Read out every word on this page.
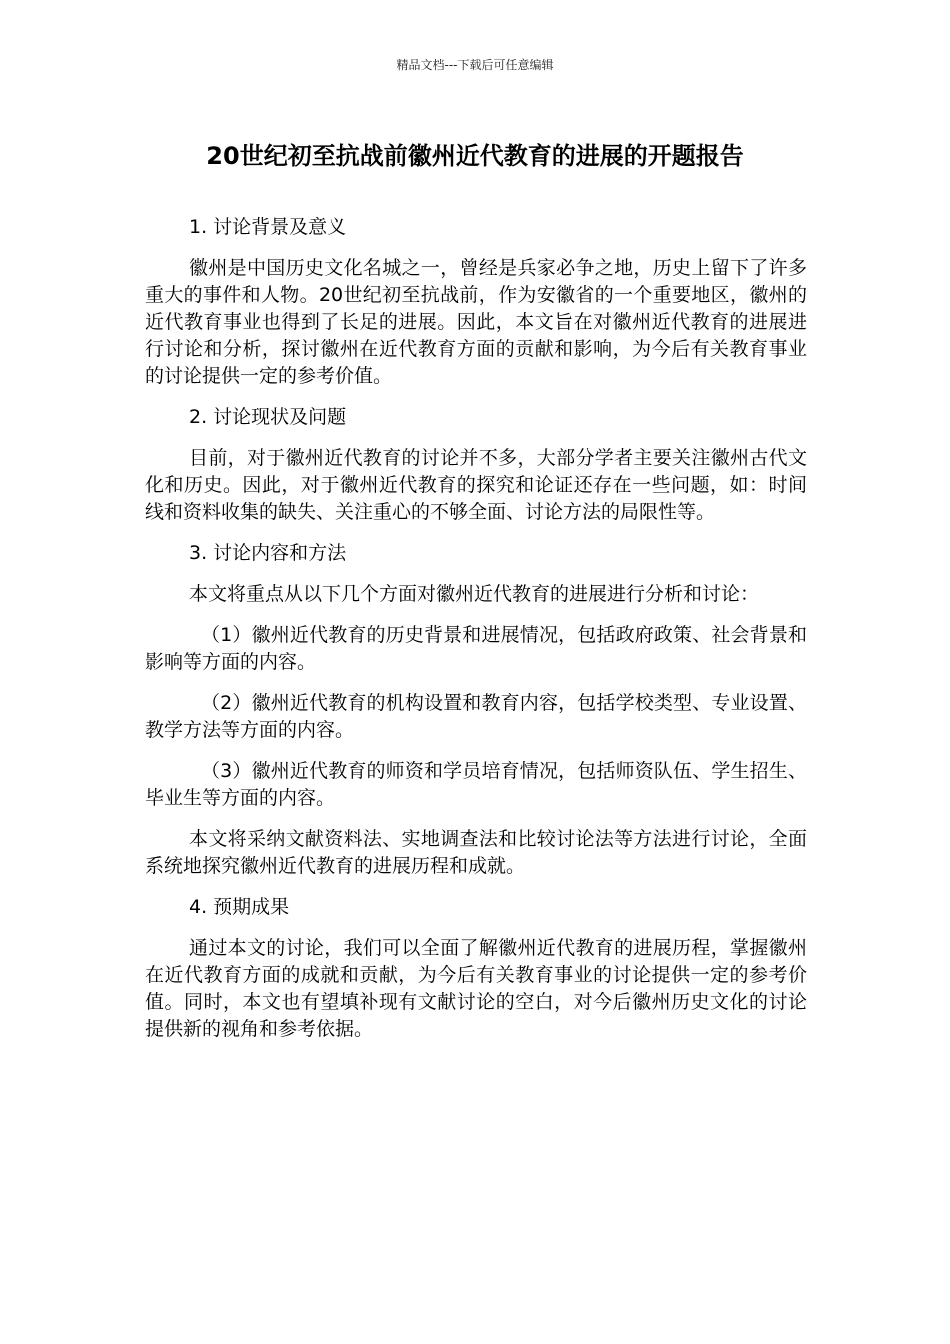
精品文档---下载后可任意编辑
20世纪初至抗战前徽州近代教育的进展的开题报告
1. 讨论背景及意义

徽州是中国历史文化名城之一，曾经是兵家必争之地，历史上留下了许多重大的事件和人物。20世纪初至抗战前，作为安徽省的一个重要地区，徽州的近代教育事业也得到了长足的进展。因此，本文旨在对徽州近代教育的进展进行讨论和分析，探讨徽州在近代教育方面的贡献和影响，为今后有关教育事业的讨论提供一定的参考价值。

2. 讨论现状及问题

目前，对于徽州近代教育的讨论并不多，大部分学者主要关注徽州古代文化和历史。因此，对于徽州近代教育的探究和论证还存在一些问题，如：时间线和资料收集的缺失、关注重心的不够全面、讨论方法的局限性等。

3. 讨论内容和方法

本文将重点从以下几个方面对徽州近代教育的进展进行分析和讨论：

（1）徽州近代教育的历史背景和进展情况，包括政府政策、社会背景和影响等方面的内容。

（2）徽州近代教育的机构设置和教育内容，包括学校类型、专业设置、教学方法等方面的内容。

（3）徽州近代教育的师资和学员培育情况，包括师资队伍、学生招生、毕业生等方面的内容。

本文将采纳文献资料法、实地调查法和比较讨论法等方法进行讨论，全面系统地探究徽州近代教育的进展历程和成就。

4. 预期成果

通过本文的讨论，我们可以全面了解徽州近代教育的进展历程，掌握徽州在近代教育方面的成就和贡献，为今后有关教育事业的讨论提供一定的参考价值。同时，本文也有望填补现有文献讨论的空白，对今后徽州历史文化的讨论提供新的视角和参考依据。
